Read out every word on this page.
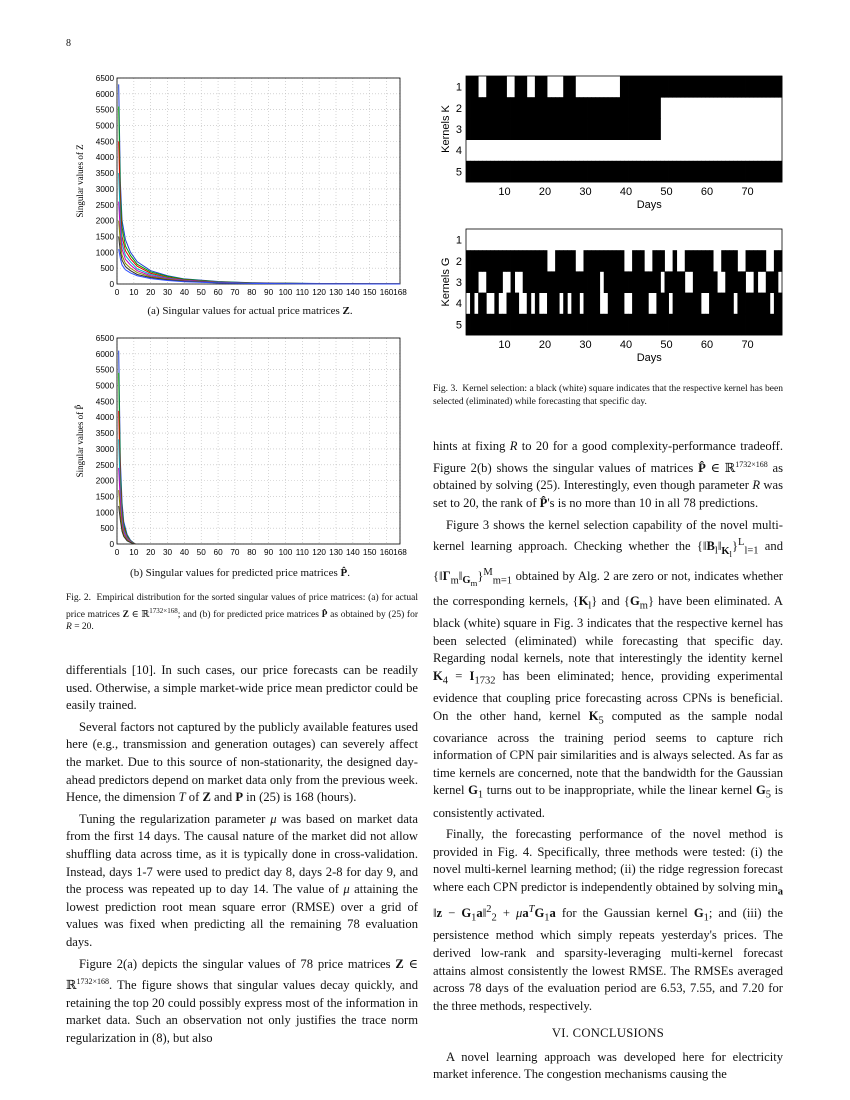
8
0 10 20 30 40 50 60 70 80 90 100 110 120 130 140 150 160 168
0
500
1000
1500
2000
2500
3000
3500
4000
4500
5000
5500
6000
6500
Singular values of Z
(a) Singular values for actual price matrices Z.
0 10 20 30 40 50 60 70 80 90 100 110 120 130 140 150 160 168
0
500
1000
1500
2000
2500
3000
3500
4000
4500
5000
5500
6000
6500
Singular values of P̂
(b) Singular values for predicted price matrices P̂.
Fig. 2.  Empirical distribution for the sorted singular values of price matrices: (a) for actual price matrices Z ∈ ℝ$^{1732\times 168}$; and (b) for predicted price matrices P̂ as obtained by (25) for R = 20.
1
2
3
4
5
10	20	30	40	50	60	70
Days
Kernels K
1
2
3
4
5
10	20	30	40	50	60	70
Days
Kernels G
Fig. 3.  Kernel selection: a black (white) square indicates that the respective kernel has been selected (eliminated) while forecasting that specific day.

differentials [10]. In such cases, our price forecasts can be readily used. Otherwise, a simple market-wide price mean predictor could be easily trained.

Several factors not captured by the publicly available features used here (e.g., transmission and generation outages) can severely affect the market. Due to this source of non-stationarity, the designed day-ahead predictors depend on market data only from the previous week. Hence, the dimension T of Z and P in (25) is 168 (hours).

Tuning the regularization parameter μ was based on market data from the first 14 days. The causal nature of the market did not allow shuffling data across time, as it is typically done in cross-validation. Instead, days 1-7 were used to predict day 8, days 2-8 for day 9, and the process was repeated up to day 14. The value of μ attaining the lowest prediction root mean square error (RMSE) over a grid of values was fixed when predicting all the remaining 78 evaluation days.

Figure 2(a) depicts the singular values of 78 price matrices Z ∈ ℝ$^{1732\times 168}$. The figure shows that singular values decay quickly, and retaining the top 20 could possibly express most of the information in market data. Such an observation not only justifies the trace norm regularization in (8), but also

hints at fixing R to 20 for a good complexity-performance tradeoff. Figure 2(b) shows the singular values of matrices P̂ ∈ ℝ$^{1732\times 168}$ as obtained by solving (25). Interestingly, even though parameter R was set to 20, the rank of P̂'s is no more than 10 in all 78 predictions.

Figure 3 shows the kernel selection capability of the novel multi-kernel learning approach. Checking whether the $\{‖B_l‖_{K_l}\}^L_{l=1}$ and $\{‖\Gamma_m‖_{G_m}\}^M_{m=1}$ obtained by Alg. 2 are zero or not, indicates whether the corresponding kernels, $\{K_l\}$ and $\{G_m\}$ have been eliminated. A black (white) square in Fig. 3 indicates that the respective kernel has been selected (eliminated) while forecasting that specific day. Regarding nodal kernels, note that interestingly the identity kernel $K_4 = I_{1732}$ has been eliminated; hence, providing experimental evidence that coupling price forecasting across CPNs is beneficial. On the other hand, kernel $K_5$ computed as the sample nodal covariance across the training period seems to capture rich information of CPN pair similarities and is always selected. As far as time kernels are concerned, note that the bandwidth for the Gaussian kernel $G_1$ turns out to be inappropriate, while the linear kernel $G_5$ is consistently activated.

Finally, the forecasting performance of the novel method is provided in Fig. 4. Specifically, three methods were tested: (i) the novel multi-kernel learning method; (ii) the ridge regression forecast where each CPN predictor is independently obtained by solving $\min_a$ ‖z − $G_1a‖^2_2 + \mu a^TG_1a$ for the Gaussian kernel $G_1$; and (iii) the persistence method which simply repeats yesterday's prices. The derived low-rank and sparsity-leveraging multi-kernel forecast attains almost consistently the lowest RMSE. The RMSEs averaged across 78 days of the evaluation period are 6.53, 7.55, and 7.20 for the three methods, respectively.

VI. CONCLUSIONS

A novel learning approach was developed here for electricity market inference. The congestion mechanisms causing the
